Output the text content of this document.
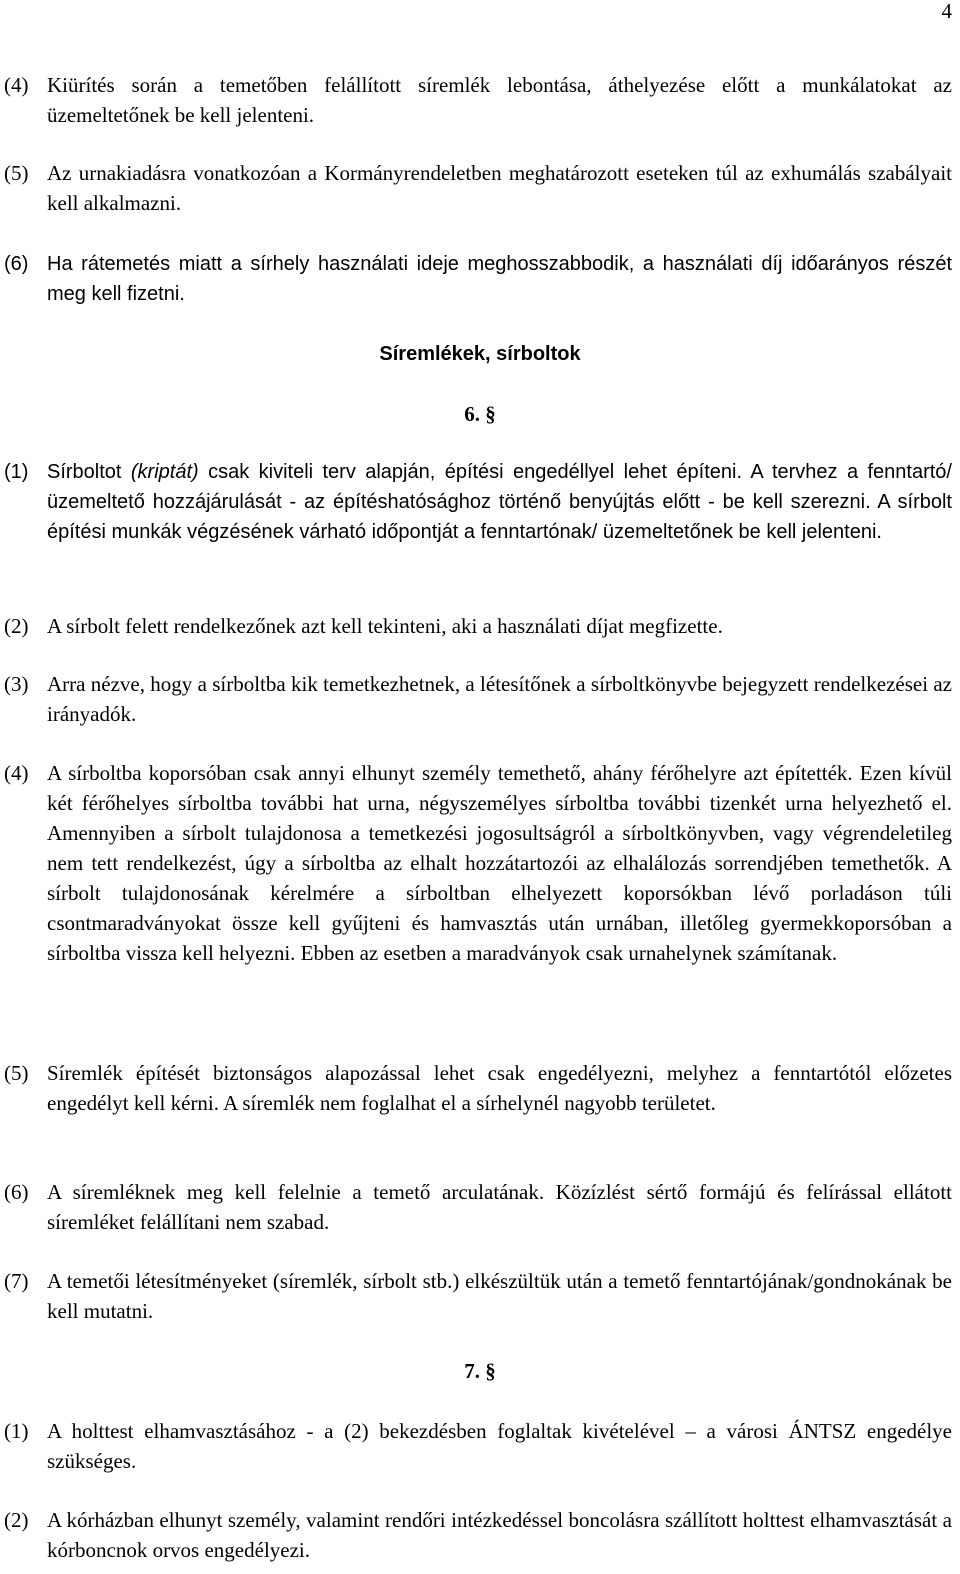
4
(4) Kiürítés során a temetőben felállított síremlék lebontása, áthelyezése előtt a munkálatokat az üzemeltetőnek be kell jelenteni.
(5) Az urnakiadásra vonatkozóan a Kormányrendeletben meghatározott eseteken túl az exhumálás szabályait kell alkalmazni.
(6) Ha rátemetés miatt a sírhely használati ideje meghosszabbodik, a használati díj időarányos részét meg kell fizetni.
Síremlékek, sírboltok
6. §
(1) Sírboltot (kriptát) csak kiviteli terv alapján, építési engedéllyel lehet építeni. A tervhez a fenntartó/üzemeltető hozzájárulását - az építéshatósághoz történő benyújtás előtt - be kell szerezni. A sírbolt építési munkák végzésének várható időpontját a fenntartónak/ üzemeltetőnek be kell jelenteni.
(2) A sírbolt felett rendelkezőnek azt kell tekinteni, aki a használati díjat megfizette.
(3) Arra nézve, hogy a sírboltba kik temetkezhetnek, a létesítőnek a sírboltkönyvbe bejegyzett rendelkezései az irányadók.
(4) A sírboltba koporsóban csak annyi elhunyt személy temethető, ahány férőhelyre azt építették. Ezen kívül két férőhelyes sírboltba további hat urna, négyszemélyes sírboltba további tizenkét urna helyezhető el. Amennyiben a sírbolt tulajdonosa a temetkezési jogosultságról a sírboltkönyvben, vagy végrendeletileg nem tett rendelkezést, úgy a sírboltba az elhalt hozzátartozói az elhalálozás sorrendjében temethetők. A sírbolt tulajdonosának kérelmére a sírboltban elhelyezett koporsókban lévő porladáson túli csontmaradványokat össze kell gyűjteni és hamvasztás után urnában, illetőleg gyermekkoporsóban a sírboltba vissza kell helyezni. Ebben az esetben a maradványok csak urnahelynek számítanak.
(5) Síremlék építését biztonságos alapozással lehet csak engedélyezni, melyhez a fenntartótól előzetes engedélyt kell kérni. A síremlék nem foglalhat el a sírhelynél nagyobb területet.
(6) A síremléknek meg kell felelnie a temető arculatának. Közízlést sértő formájú és felírással ellátott síremléket felállítani nem szabad.
(7) A temetői létesítményeket (síremlék, sírbolt stb.) elkészültük után a temető fenntartójának/gondnokának be kell mutatni.
7. §
(1) A holttest elhamvasztásához - a (2) bekezdésben foglaltak kivételével – a városi ÁNTSZ engedélye szükséges.
(2) A kórházban elhunyt személy, valamint rendőri intézkedéssel boncolásra szállított holttest elhamvasztását a kórboncnok orvos engedélyezi.
